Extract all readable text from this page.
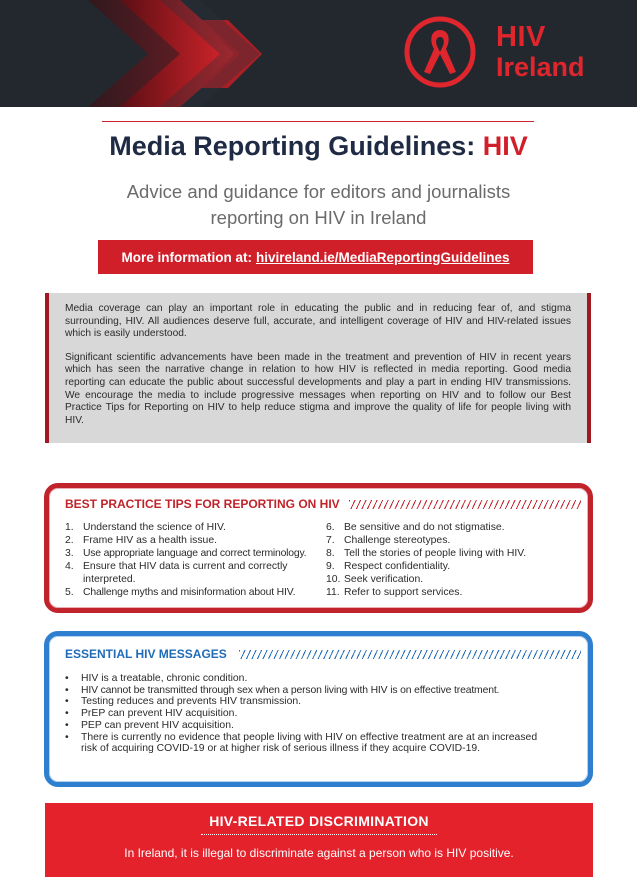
HIV
Ireland
Media Reporting Guidelines: HIV
Advice and guidance for editors and journalists
reporting on HIV in Ireland
More information at: hivireland.ie/MediaReportingGuidelines

Media coverage can play an important role in educating the public and in reducing fear of, and stigma surrounding, HIV. All audiences deserve full, accurate, and intelligent coverage of HIV and HIV-related issues which is easily understood.

Significant scientific advancements have been made in the treatment and prevention of HIV in recent years which has seen the narrative change in relation to how HIV is reflected in media reporting. Good media reporting can educate the public about successful developments and play a part in ending HIV transmissions. We encourage the media to include progressive messages when reporting on HIV and to follow our Best Practice Tips for Reporting on HIV to help reduce stigma and improve the quality of life for people living with HIV.

BEST PRACTICE TIPS FOR REPORTING ON HIV
1. Understand the science of HIV.
2. Frame HIV as a health issue.
3. Use appropriate language and correct terminology.
4. Ensure that HIV data is current and correctly interpreted.
5. Challenge myths and misinformation about HIV.
6. Be sensitive and do not stigmatise.
7. Challenge stereotypes.
8. Tell the stories of people living with HIV.
9. Respect confidentiality.
10. Seek verification.
11. Refer to support services.
ESSENTIAL HIV MESSAGES
•	HIV is a treatable, chronic condition.
•	HIV cannot be transmitted through sex when a person living with HIV is on effective treatment.
•	Testing reduces and prevents HIV transmission.
•	PrEP can prevent HIV acquisition.
•	PEP can prevent HIV acquisition.
•	There is currently no evidence that people living with HIV on effective treatment are at an increased risk of acquiring COVID-19 or at higher risk of serious illness if they acquire COVID-19.
HIV-RELATED DISCRIMINATION
In Ireland, it is illegal to discriminate against a person who is HIV positive.
